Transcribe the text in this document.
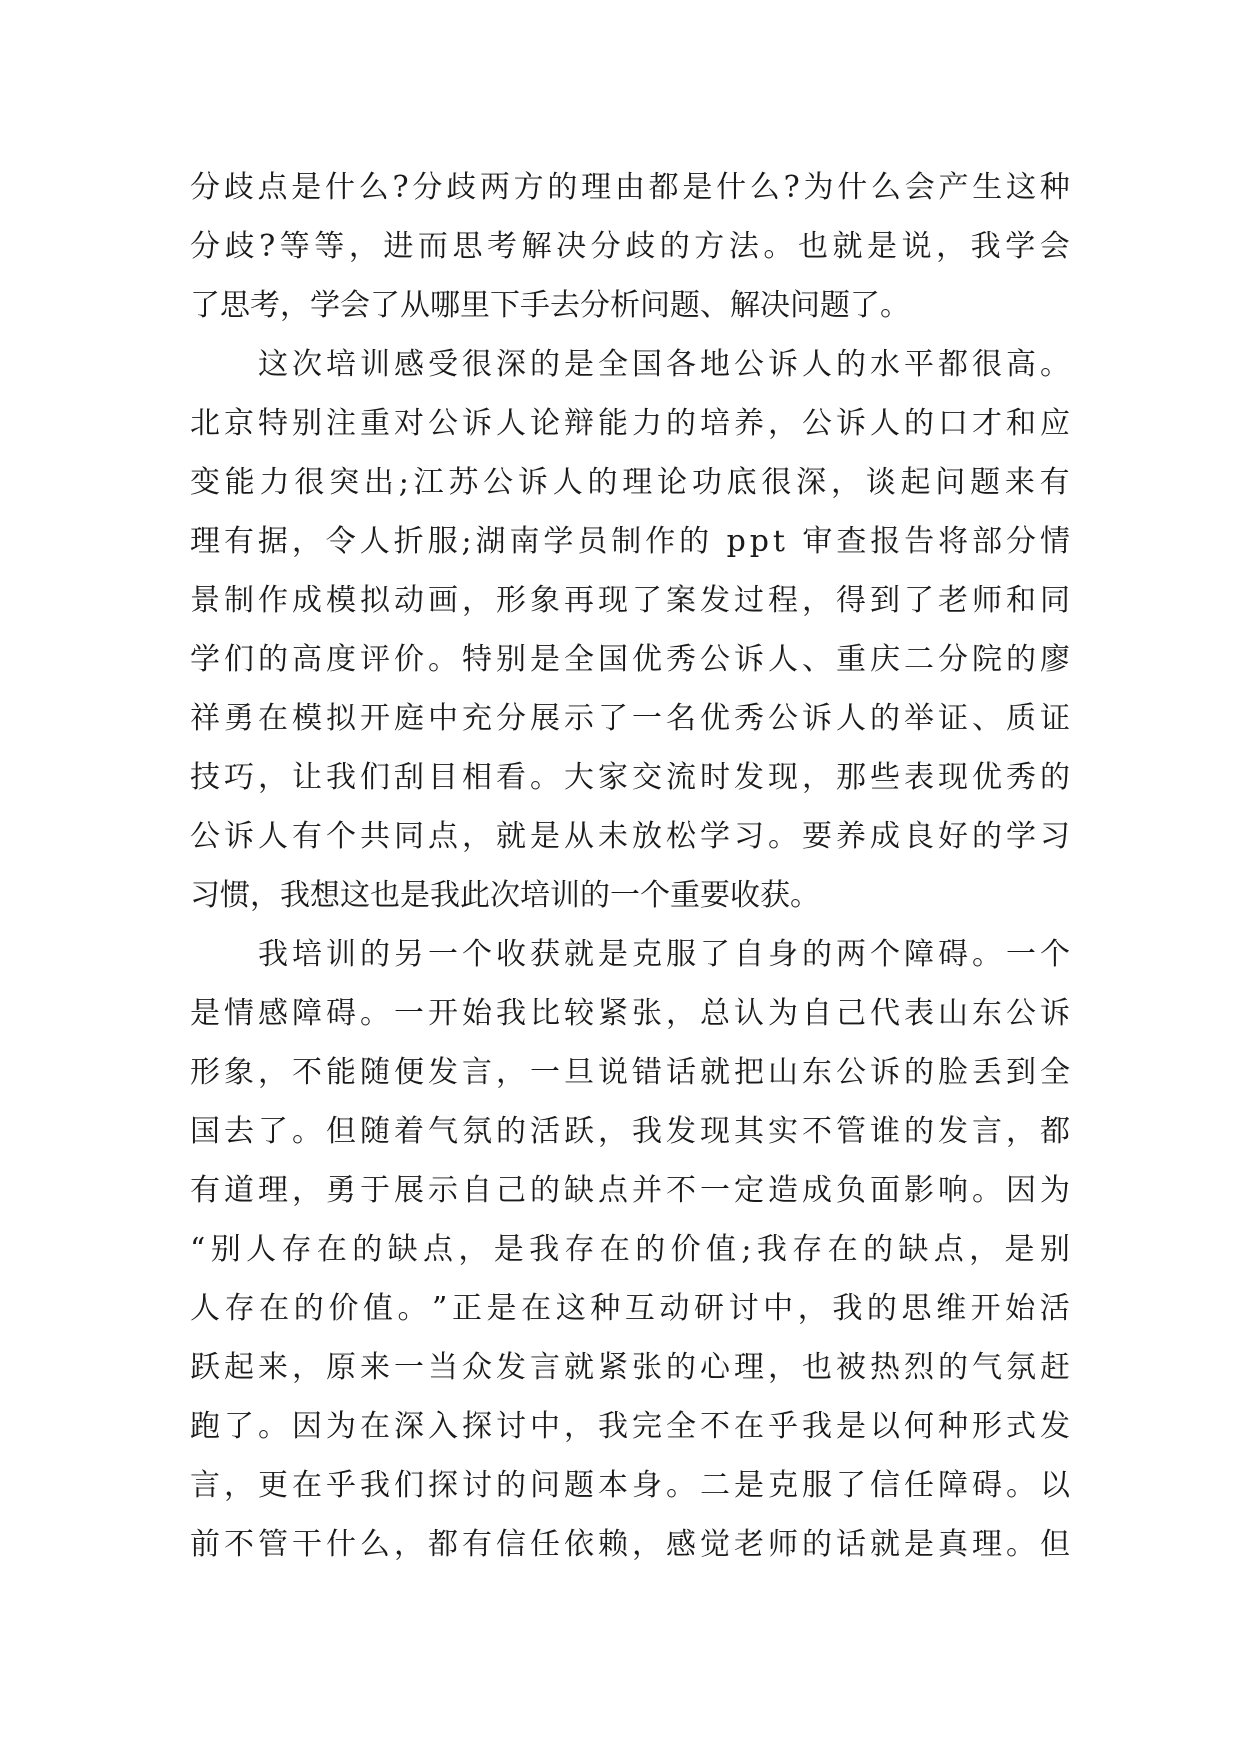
分 歧 点 是 什 么 ? 分 歧 两 方 的 理 由 都 是 什 么 ? 为 什 么 会 产 生 这 种
分 歧 ? 等 等 ， 进 而 思 考 解 决 分 歧 的 方 法 。 也 就 是 说 ， 我 学 会
了思考，学会了从哪里下手去分析问题、解决问题了。
这 次 培 训 感 受 很 深 的 是 全 国 各 地 公 诉 人 的 水 平 都 很 高 。
北 京 特 别 注 重 对 公 诉 人 论 辩 能 力 的 培 养 ， 公 诉 人 的 口 才 和 应
变 能 力 很 突 出 ; 江 苏 公 诉 人 的 理 论 功 底 很 深 ， 谈 起 问 题 来 有
理 有 据 ， 令 人 折 服 ; 湖 南 学 员 制 作 的
p p t
审 查 报 告 将 部 分 情
景 制 作 成 模 拟 动 画 ， 形 象 再 现 了 案 发 过 程 ， 得 到 了 老 师 和 同
学 们 的 高 度 评 价 。 特 别 是 全 国 优 秀 公 诉 人 、 重 庆 二 分 院 的 廖
祥 勇 在 模 拟 开 庭 中 充 分 展 示 了 一 名 优 秀 公 诉 人 的 举 证 、 质 证
技 巧 ， 让 我 们 刮 目 相 看 。 大 家 交 流 时 发 现 ， 那 些 表 现 优 秀 的
公 诉 人 有 个 共 同 点 ， 就 是 从 未 放 松 学 习 。 要 养 成 良 好 的 学 习
习惯，我想这也是我此次培训的一个重要收获。
我 培 训 的 另 一 个 收 获 就 是 克 服 了 自 身 的 两 个 障 碍 。 一 个
是 情 感 障 碍 。 一 开 始 我 比 较 紧 张 ， 总 认 为 自 己 代 表 山 东 公 诉
形 象 ， 不 能 随 便 发 言 ， 一 旦 说 错 话 就 把 山 东 公 诉 的 脸 丢 到 全
国 去 了 。 但 随 着 气 氛 的 活 跃 ， 我 发 现 其 实 不 管 谁 的 发 言 ， 都
有 道 理 ， 勇 于 展 示 自 己 的 缺 点 并 不 一 定 造 成 负 面 影 响 。 因 为
“ 别 人 存 在 的 缺 点 ， 是 我 存 在 的 价 值 ; 我 存 在 的 缺 点 ， 是 别
人 存 在 的 价 值 。 ” 正 是 在 这 种 互 动 研 讨 中 ， 我 的 思 维 开 始 活
跃 起 来 ， 原 来 一 当 众 发 言 就 紧 张 的 心 理 ， 也 被 热 烈 的 气 氛 赶
跑 了 。 因 为 在 深 入 探 讨 中 ， 我 完 全 不 在 乎 我 是 以 何 种 形 式 发
言 ， 更 在 乎 我 们 探 讨 的 问 题 本 身 。 二 是 克 服 了 信 任 障 碍 。 以
前 不 管 干 什 么 ， 都 有 信 任 依 赖 ， 感 觉 老 师 的 话 就 是 真 理 。 但
